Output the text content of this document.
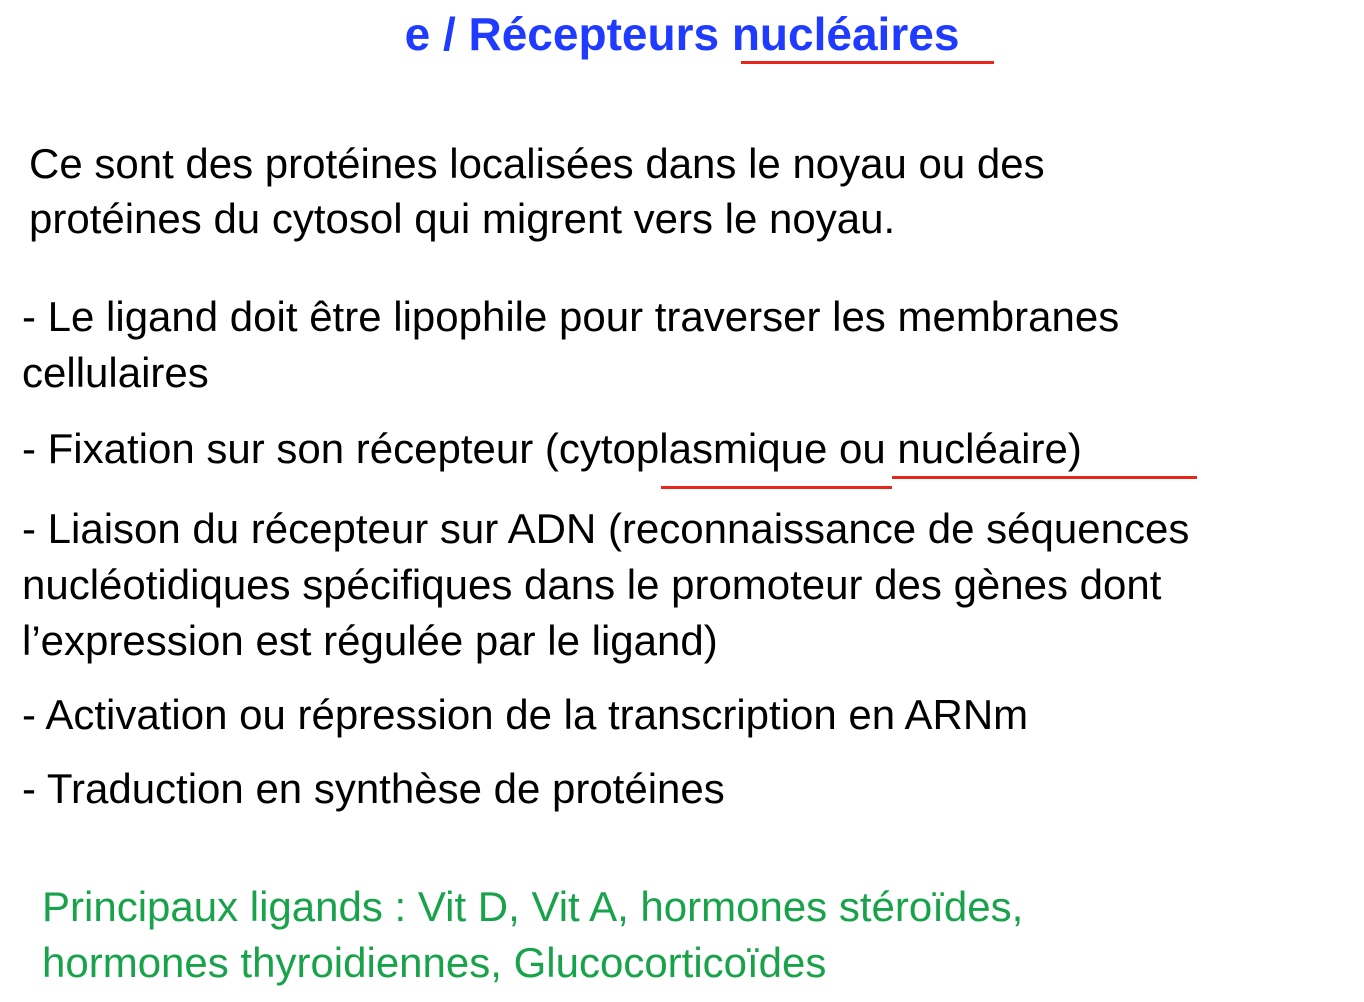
e / Récepteurs nucléaires

Ce sont des protéines localisées dans le noyau ou des
protéines du cytosol qui migrent vers le noyau.

- Le ligand doit être lipophile pour traverser les membranes
cellulaires
- Fixation sur son récepteur (cytoplasmique ou nucléaire)
- Liaison du récepteur sur ADN (reconnaissance de séquences
nucléotidiques spécifiques dans le promoteur des gènes dont
l’expression est régulée par le ligand)
- Activation ou répression de la transcription en ARNm
- Traduction en synthèse de protéines

Principaux ligands : Vit D, Vit A, hormones stéroïdes,
hormones thyroidiennes, Glucocorticoïdes
